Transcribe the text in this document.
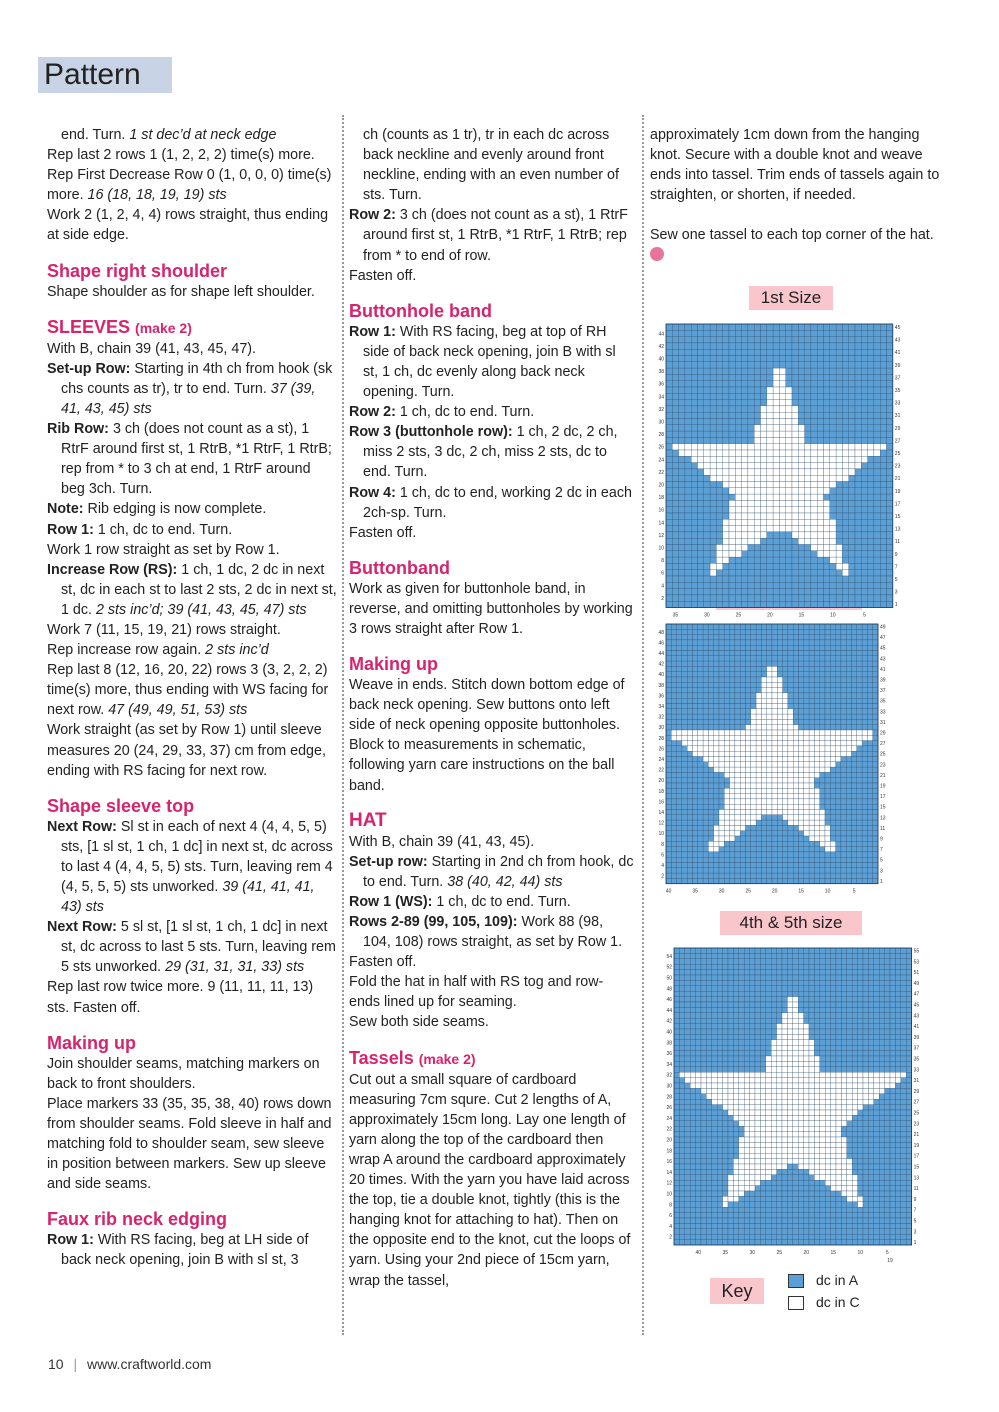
Pattern

end. Turn. 1 st dec’d at neck edge

Rep last 2 rows 1 (1, 2, 2, 2) time(s) more.

Rep First Decrease Row 0 (1, 0, 0, 0) time(s) more. 16 (18, 18, 19, 19) sts

Work 2 (1, 2, 4, 4) rows straight, thus ending at side edge.

Shape right shoulder

Shape shoulder as for shape left shoulder.

SLEEVES (make 2)

With B, chain 39 (41, 43, 45, 47).

Set-up Row: Starting in 4th ch from hook (sk chs counts as tr), tr to end. Turn. 37 (39, 41, 43, 45) sts

Rib Row: 3 ch (does not count as a st), 1 RtrF around first st, 1 RtrB, *1 RtrF, 1 RtrB; rep from * to 3 ch at end, 1 RtrF around beg 3ch. Turn.

Note: Rib edging is now complete.

Row 1: 1 ch, dc to end. Turn.

Work 1 row straight as set by Row 1.

Increase Row (RS): 1 ch, 1 dc, 2 dc in next st, dc in each st to last 2 sts, 2 dc in next st, 1 dc. 2 sts inc’d; 39 (41, 43, 45, 47) sts

Work 7 (11, 15, 19, 21) rows straight.

Rep increase row again. 2 sts inc’d

Rep last 8 (12, 16, 20, 22) rows 3 (3, 2, 2, 2) time(s) more, thus ending with WS facing for next row. 47 (49, 49, 51, 53) sts

Work straight (as set by Row 1) until sleeve measures 20 (24, 29, 33, 37) cm from edge, ending with RS facing for next row.

Shape sleeve top

Next Row: Sl st in each of next 4 (4, 4, 5, 5) sts, [1 sl st, 1 ch, 1 dc] in next st, dc across to last 4 (4, 4, 5, 5) sts. Turn, leaving rem 4 (4, 5, 5, 5) sts unworked. 39 (41, 41, 41, 43) sts

Next Row: 5 sl st, [1 sl st, 1 ch, 1 dc] in next st, dc across to last 5 sts. Turn, leaving rem 5 sts unworked. 29 (31, 31, 31, 33) sts

Rep last row twice more. 9 (11, 11, 11, 13) sts. Fasten off.

Making up

Join shoulder seams, matching markers on back to front shoulders.

Place markers 33 (35, 35, 38, 40) rows down from shoulder seams. Fold sleeve in half and matching fold to shoulder seam, sew sleeve in position between markers. Sew up sleeve and side seams.

Faux rib neck edging

Row 1: With RS facing, beg at LH side of back neck opening, join B with sl st, 3

ch (counts as 1 tr), tr in each dc across back neckline and evenly around front neckline, ending with an even number of sts. Turn.

Row 2: 3 ch (does not count as a st), 1 RtrF around first st, 1 RtrB, *1 RtrF, 1 RtrB; rep from * to end of row.

Fasten off.

Buttonhole band

Row 1: With RS facing, beg at top of RH side of back neck opening, join B with sl st, 1 ch, dc evenly along back neck opening. Turn.

Row 2: 1 ch, dc to end. Turn.

Row 3 (buttonhole row): 1 ch, 2 dc, 2 ch, miss 2 sts, 3 dc, 2 ch, miss 2 sts, dc to end. Turn.

Row 4: 1 ch, dc to end, working 2 dc in each 2ch-sp. Turn.

Fasten off.

Buttonband

Work as given for buttonhole band, in reverse, and omitting buttonholes by working 3 rows straight after Row 1.

Making up

Weave in ends. Stitch down bottom edge of back neck opening. Sew buttons onto left side of neck opening opposite buttonholes. Block to measurements in schematic, following yarn care instructions on the ball band.

HAT

With B, chain 39 (41, 43, 45).

Set-up row: Starting in 2nd ch from hook, dc to end. Turn. 38 (40, 42, 44) sts

Row 1 (WS): 1 ch, dc to end. Turn.

Rows 2-89 (99, 105, 109): Work 88 (98, 104, 108) rows straight, as set by Row 1.

Fasten off.

Fold the hat in half with RS tog and row-ends lined up for seaming.

Sew both side seams.

Tassels (make 2)

Cut out a small square of cardboard measuring 7cm squre. Cut 2 lengths of A, approximately 15cm long. Lay one length of yarn along the top of the cardboard then wrap A around the cardboard approximately 20 times. With the yarn you have laid across the top, tie a double knot, tightly (this is the hanging knot for attaching to hat). Then on the opposite end to the knot, cut the loops of yarn. Using your 2nd piece of 15cm yarn, wrap the tassel,

approximately 1cm down from the hanging knot. Secure with a double knot and weave ends into tassel. Trim ends of tassels again to straighten, or shorten, if needed.

Sew one tassel to each top corner of the hat.

1st Size
4th & 5th size
1
2
3
4
5
6
7
8
9
10
11
12
13
14
15
16
17
18
19
20
21
22
23
24
25
26
27
28
29
30
31
32
33
34
35
36
37
38
39
40
41
42
43
44
45
5
10
15
20
25
30
35
1
2
3
4
5
6
7
8
9
10
11
12
13
14
15
16
17
18
19
20
21
22
23
24
25
26
27
28
29
30
31
32
33
34
35
36
37
38
39
40
41
42
43
44
45
46
47
48
49
5
10
15
20
25
30
35
40
1
2
3
4
5
6
7
8
9
10
11
12
13
14
15
16
17
18
19
20
21
22
23
24
25
26
27
28
29
30
31
32
33
34
35
36
37
38
39
40
41
42
43
44
45
46
47
48
49
50
51
52
53
54
55
5
10
15
20
25
30
35
40
19
Key
dc in A
dc in C
10 | www.craftworld.com
